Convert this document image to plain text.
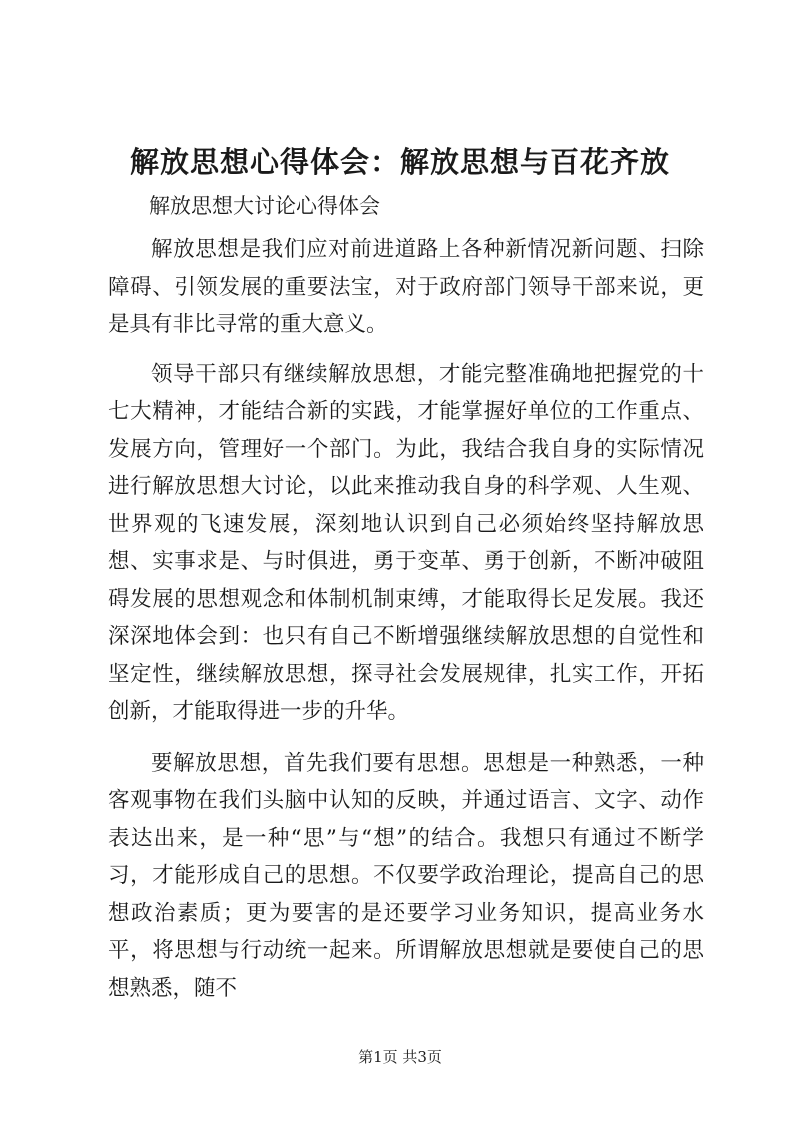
解放思想心得体会：解放思想与百花齐放
解放思想大讨论心得体会

解放思想是我们应对前进道路上各种新情况新问题、扫除障碍、引领发展的重要法宝，对于政府部门领导干部来说，更是具有非比寻常的重大意义。

领导干部只有继续解放思想，才能完整准确地把握党的十七大精神，才能结合新的实践，才能掌握好单位的工作重点、发展方向，管理好一个部门。为此，我结合我自身的实际情况进行解放思想大讨论，以此来推动我自身的科学观、人生观、世界观的飞速发展，深刻地认识到自己必须始终坚持解放思想、实事求是、与时俱进，勇于变革、勇于创新，不断冲破阻碍发展的思想观念和体制机制束缚，才能取得长足发展。我还深深地体会到：也只有自己不断增强继续解放思想的自觉性和坚定性，继续解放思想，探寻社会发展规律，扎实工作，开拓创新，才能取得进一步的升华。

要解放思想，首先我们要有思想。思想是一种熟悉，一种客观事物在我们头脑中认知的反映，并通过语言、文字、动作表达出来，是一种“思”与“想”的结合。我想只有通过不断学习，才能形成自己的思想。不仅要学政治理论，提高自己的思想政治素质；更为要害的是还要学习业务知识，提高业务水平，将思想与行动统一起来。所谓解放思想就是要使自己的思想熟悉，随不

第1页 共3页
